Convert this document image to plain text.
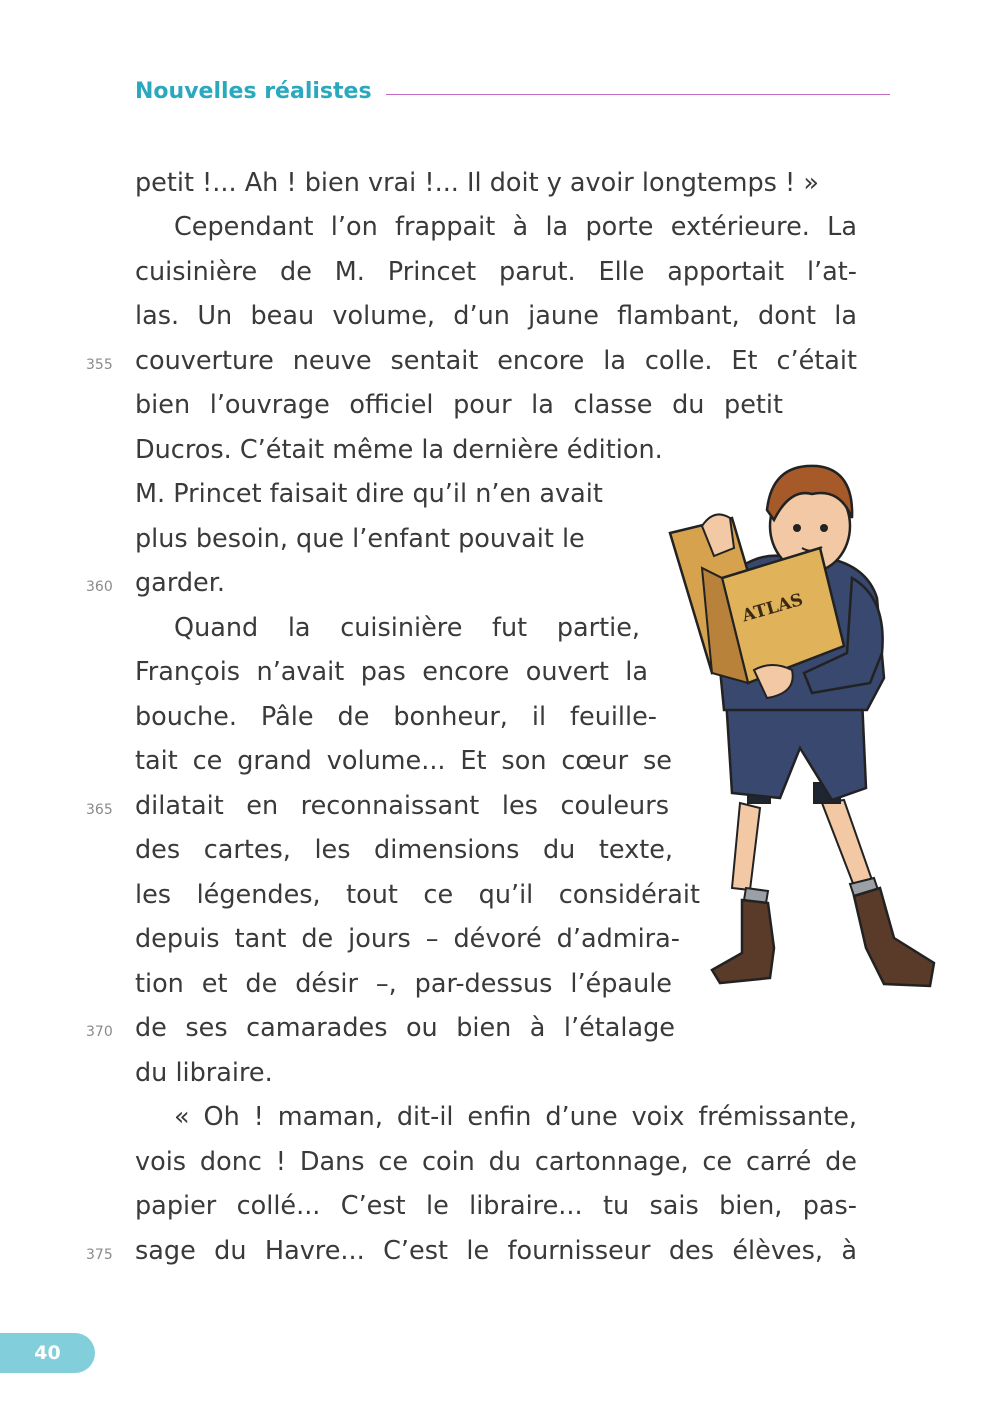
Nouvelles réalistes
petit !... Ah ! bien vrai !... Il doit y avoir longtemps ! »
Cependant l’on frappait à la porte extérieure. La
cuisinière de M. Princet parut. Elle apportait l’at-
las. Un beau volume, d’un jaune flambant, dont la
couverture neuve sentait encore la colle. Et c’était
bien l’ouvrage officiel pour la classe du petit
Ducros. C’était même la dernière édition.
M. Princet faisait dire qu’il n’en avait
plus besoin, que l’enfant pouvait le
garder.
Quand la cuisinière fut partie,
François n’avait pas encore ouvert la
bouche. Pâle de bonheur, il feuille-
tait ce grand volume... Et son cœur se
dilatait en reconnaissant les couleurs
des cartes, les dimensions du texte,
les légendes, tout ce qu’il considérait
depuis tant de jours – dévoré d’admira-
tion et de désir –, par-dessus l’épaule
de ses camarades ou bien à l’étalage
du libraire.
« Oh ! maman, dit-il enfin d’une voix frémissante,
vois donc ! Dans ce coin du cartonnage, ce carré de
papier collé... C’est le libraire... tu sais bien, pas-
sage du Havre... C’est le fournisseur des élèves, à
355
360
365
370
375
ATLAS
40
